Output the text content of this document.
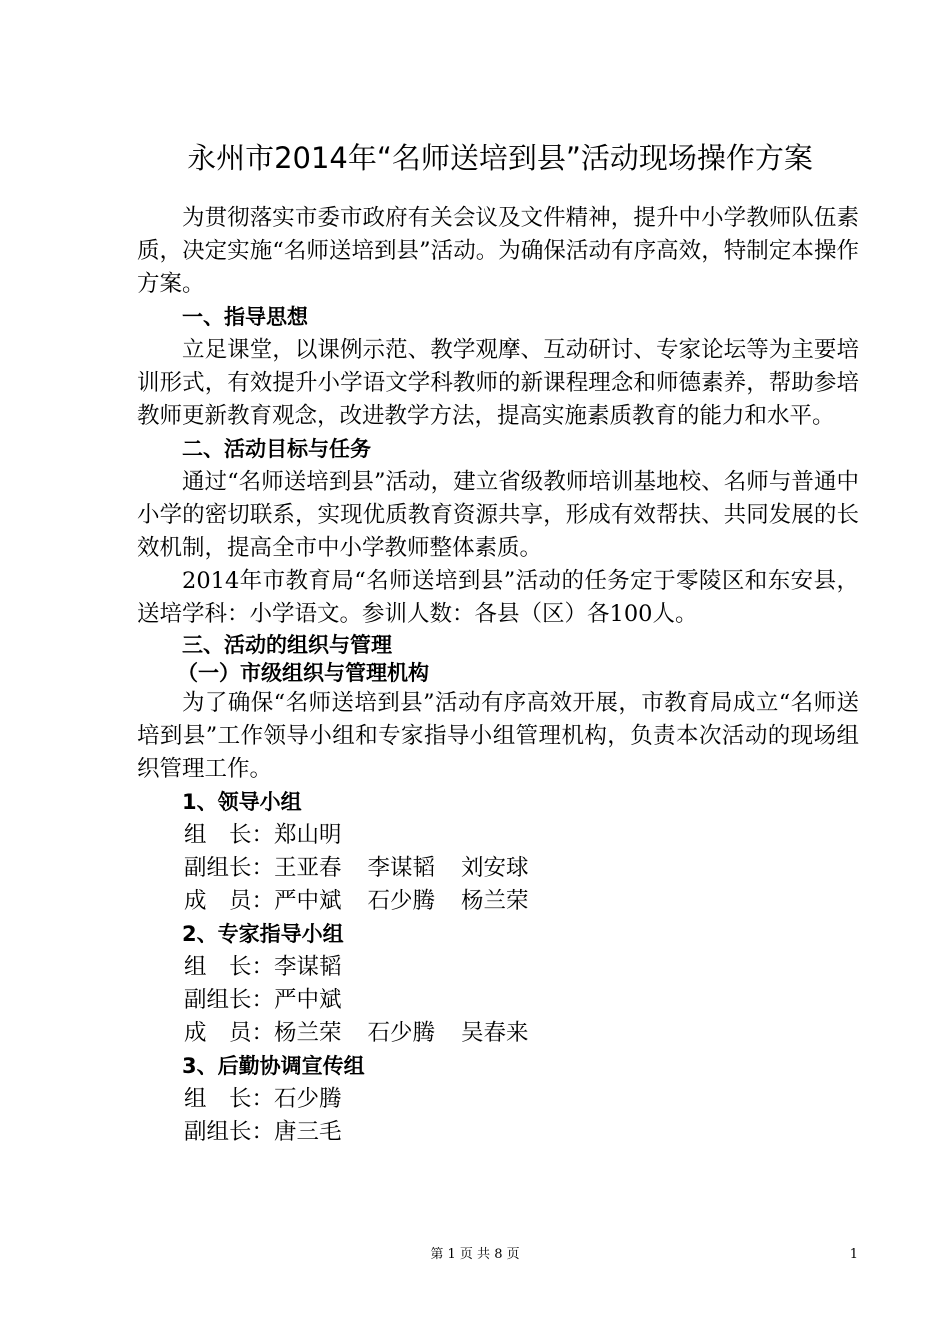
永州市2014年“名师送培到县”活动现场操作方案

为贯彻落实市委市政府有关会议及文件精神，提升中小学教师队伍素质，决定实施“名师送培到县”活动。为确保活动有序高效，特制定本操作方案。

一、指导思想

立足课堂，以课例示范、教学观摩、互动研讨、专家论坛等为主要培训形式，有效提升小学语文学科教师的新课程理念和师德素养，帮助参培教师更新教育观念，改进教学方法，提高实施素质教育的能力和水平。

二、活动目标与任务

通过“名师送培到县”活动，建立省级教师培训基地校、名师与普通中小学的密切联系，实现优质教育资源共享，形成有效帮扶、共同发展的长效机制，提高全市中小学教师整体素质。

2014年市教育局“名师送培到县”活动的任务定于零陵区和东安县，送培学科：小学语文。参训人数：各县（区）各100人。

三、活动的组织与管理

（一）市级组织与管理机构

为了确保“名师送培到县”活动有序高效开展，市教育局成立“名师送培到县”工作领导小组和专家指导小组管理机构，负责本次活动的现场组织管理工作。

1、领导小组

组　长：郑山明

副组长：王亚春 李谋韬 刘安球

成　员：严中斌 石少腾 杨兰荣

2、专家指导小组

组　长：李谋韬

副组长：严中斌

成　员：杨兰荣 石少腾 吴春来

3、后勤协调宣传组

组　长：石少腾

副组长：唐三毛

第 1 页 共 8 页	1
